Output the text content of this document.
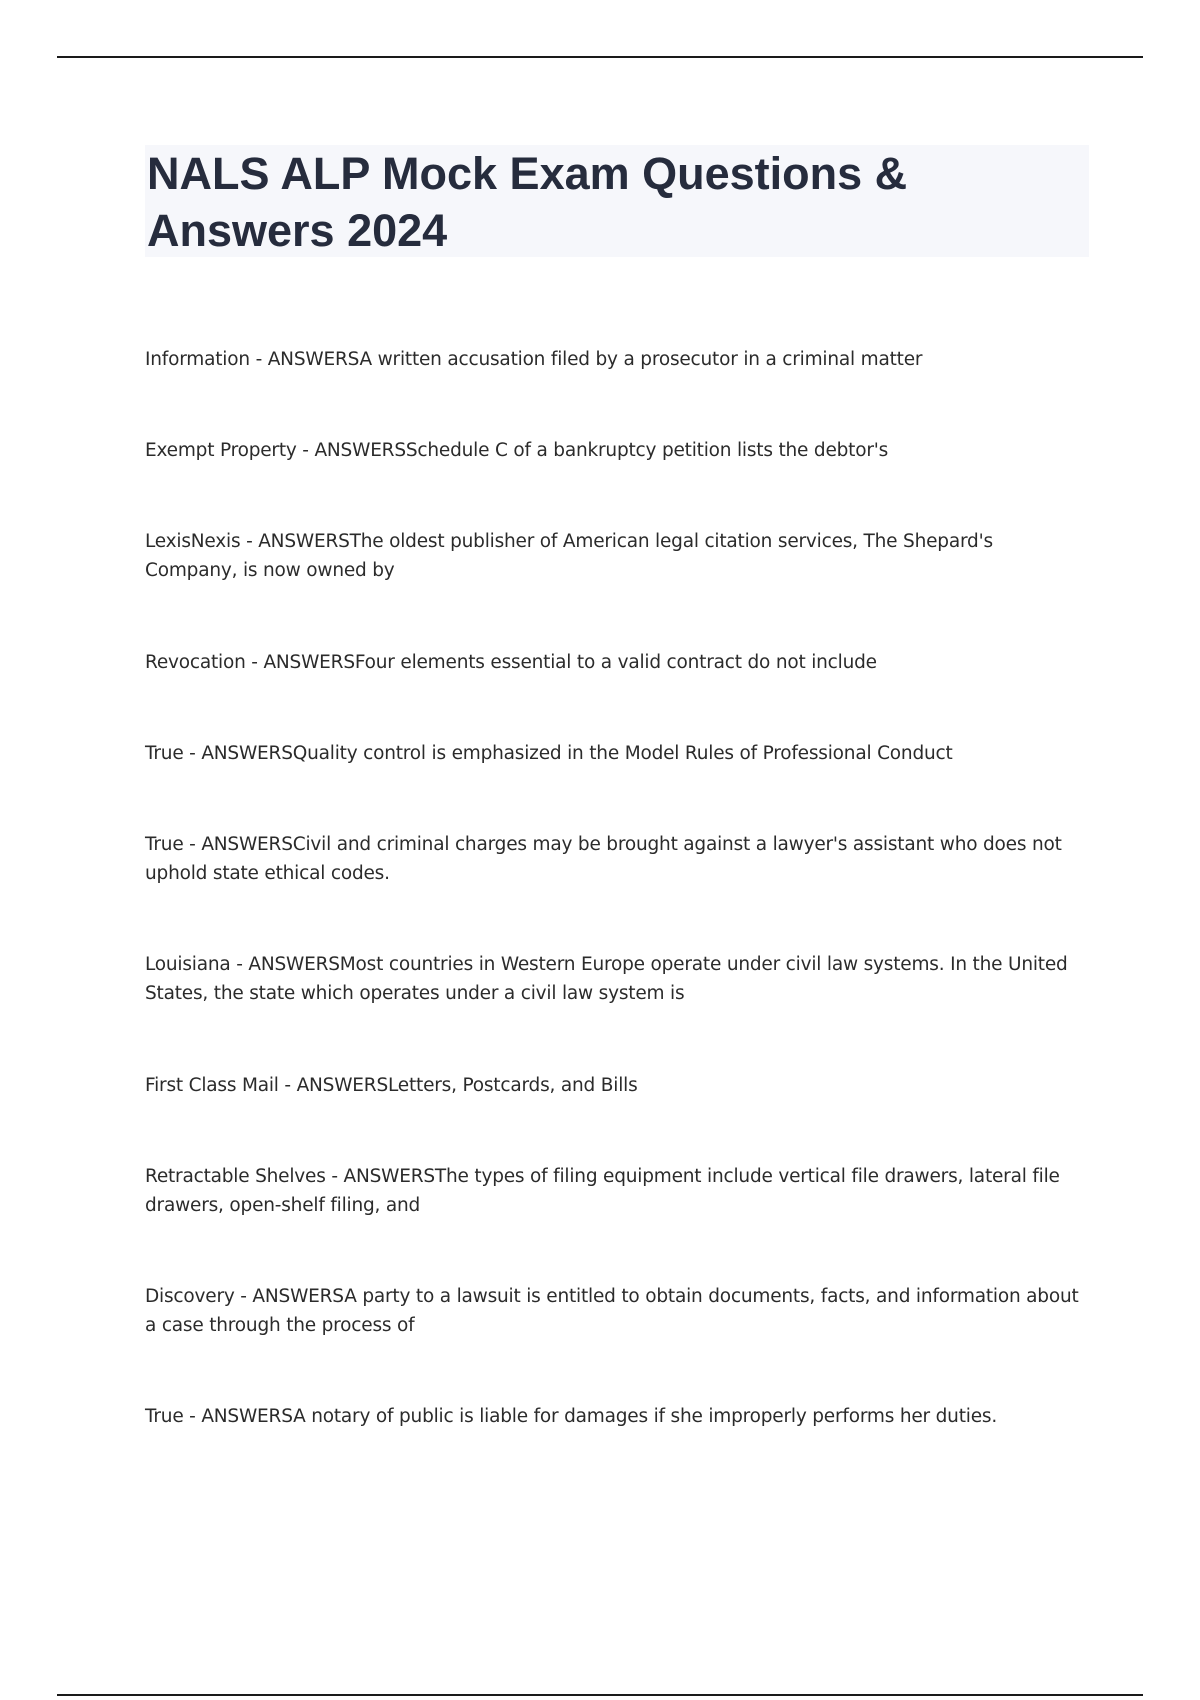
NALS ALP Mock Exam Questions & Answers 2024
Information - ANSWERSA written accusation filed by a prosecutor in a criminal matter
Exempt Property - ANSWERSSchedule C of a bankruptcy petition lists the debtor's
LexisNexis - ANSWERSThe oldest publisher of American legal citation services, The Shepard's Company, is now owned by
Revocation - ANSWERSFour elements essential to a valid contract do not include
True - ANSWERSQuality control is emphasized in the Model Rules of Professional Conduct
True - ANSWERSCivil and criminal charges may be brought against a lawyer's assistant who does not uphold state ethical codes.
Louisiana - ANSWERSMost countries in Western Europe operate under civil law systems. In the United States, the state which operates under a civil law system is
First Class Mail - ANSWERSLetters, Postcards, and Bills
Retractable Shelves - ANSWERSThe types of filing equipment include vertical file drawers, lateral file drawers, open-shelf filing, and
Discovery - ANSWERSA party to a lawsuit is entitled to obtain documents, facts, and information about a case through the process of
True - ANSWERSA notary of public is liable for damages if she improperly performs her duties.
